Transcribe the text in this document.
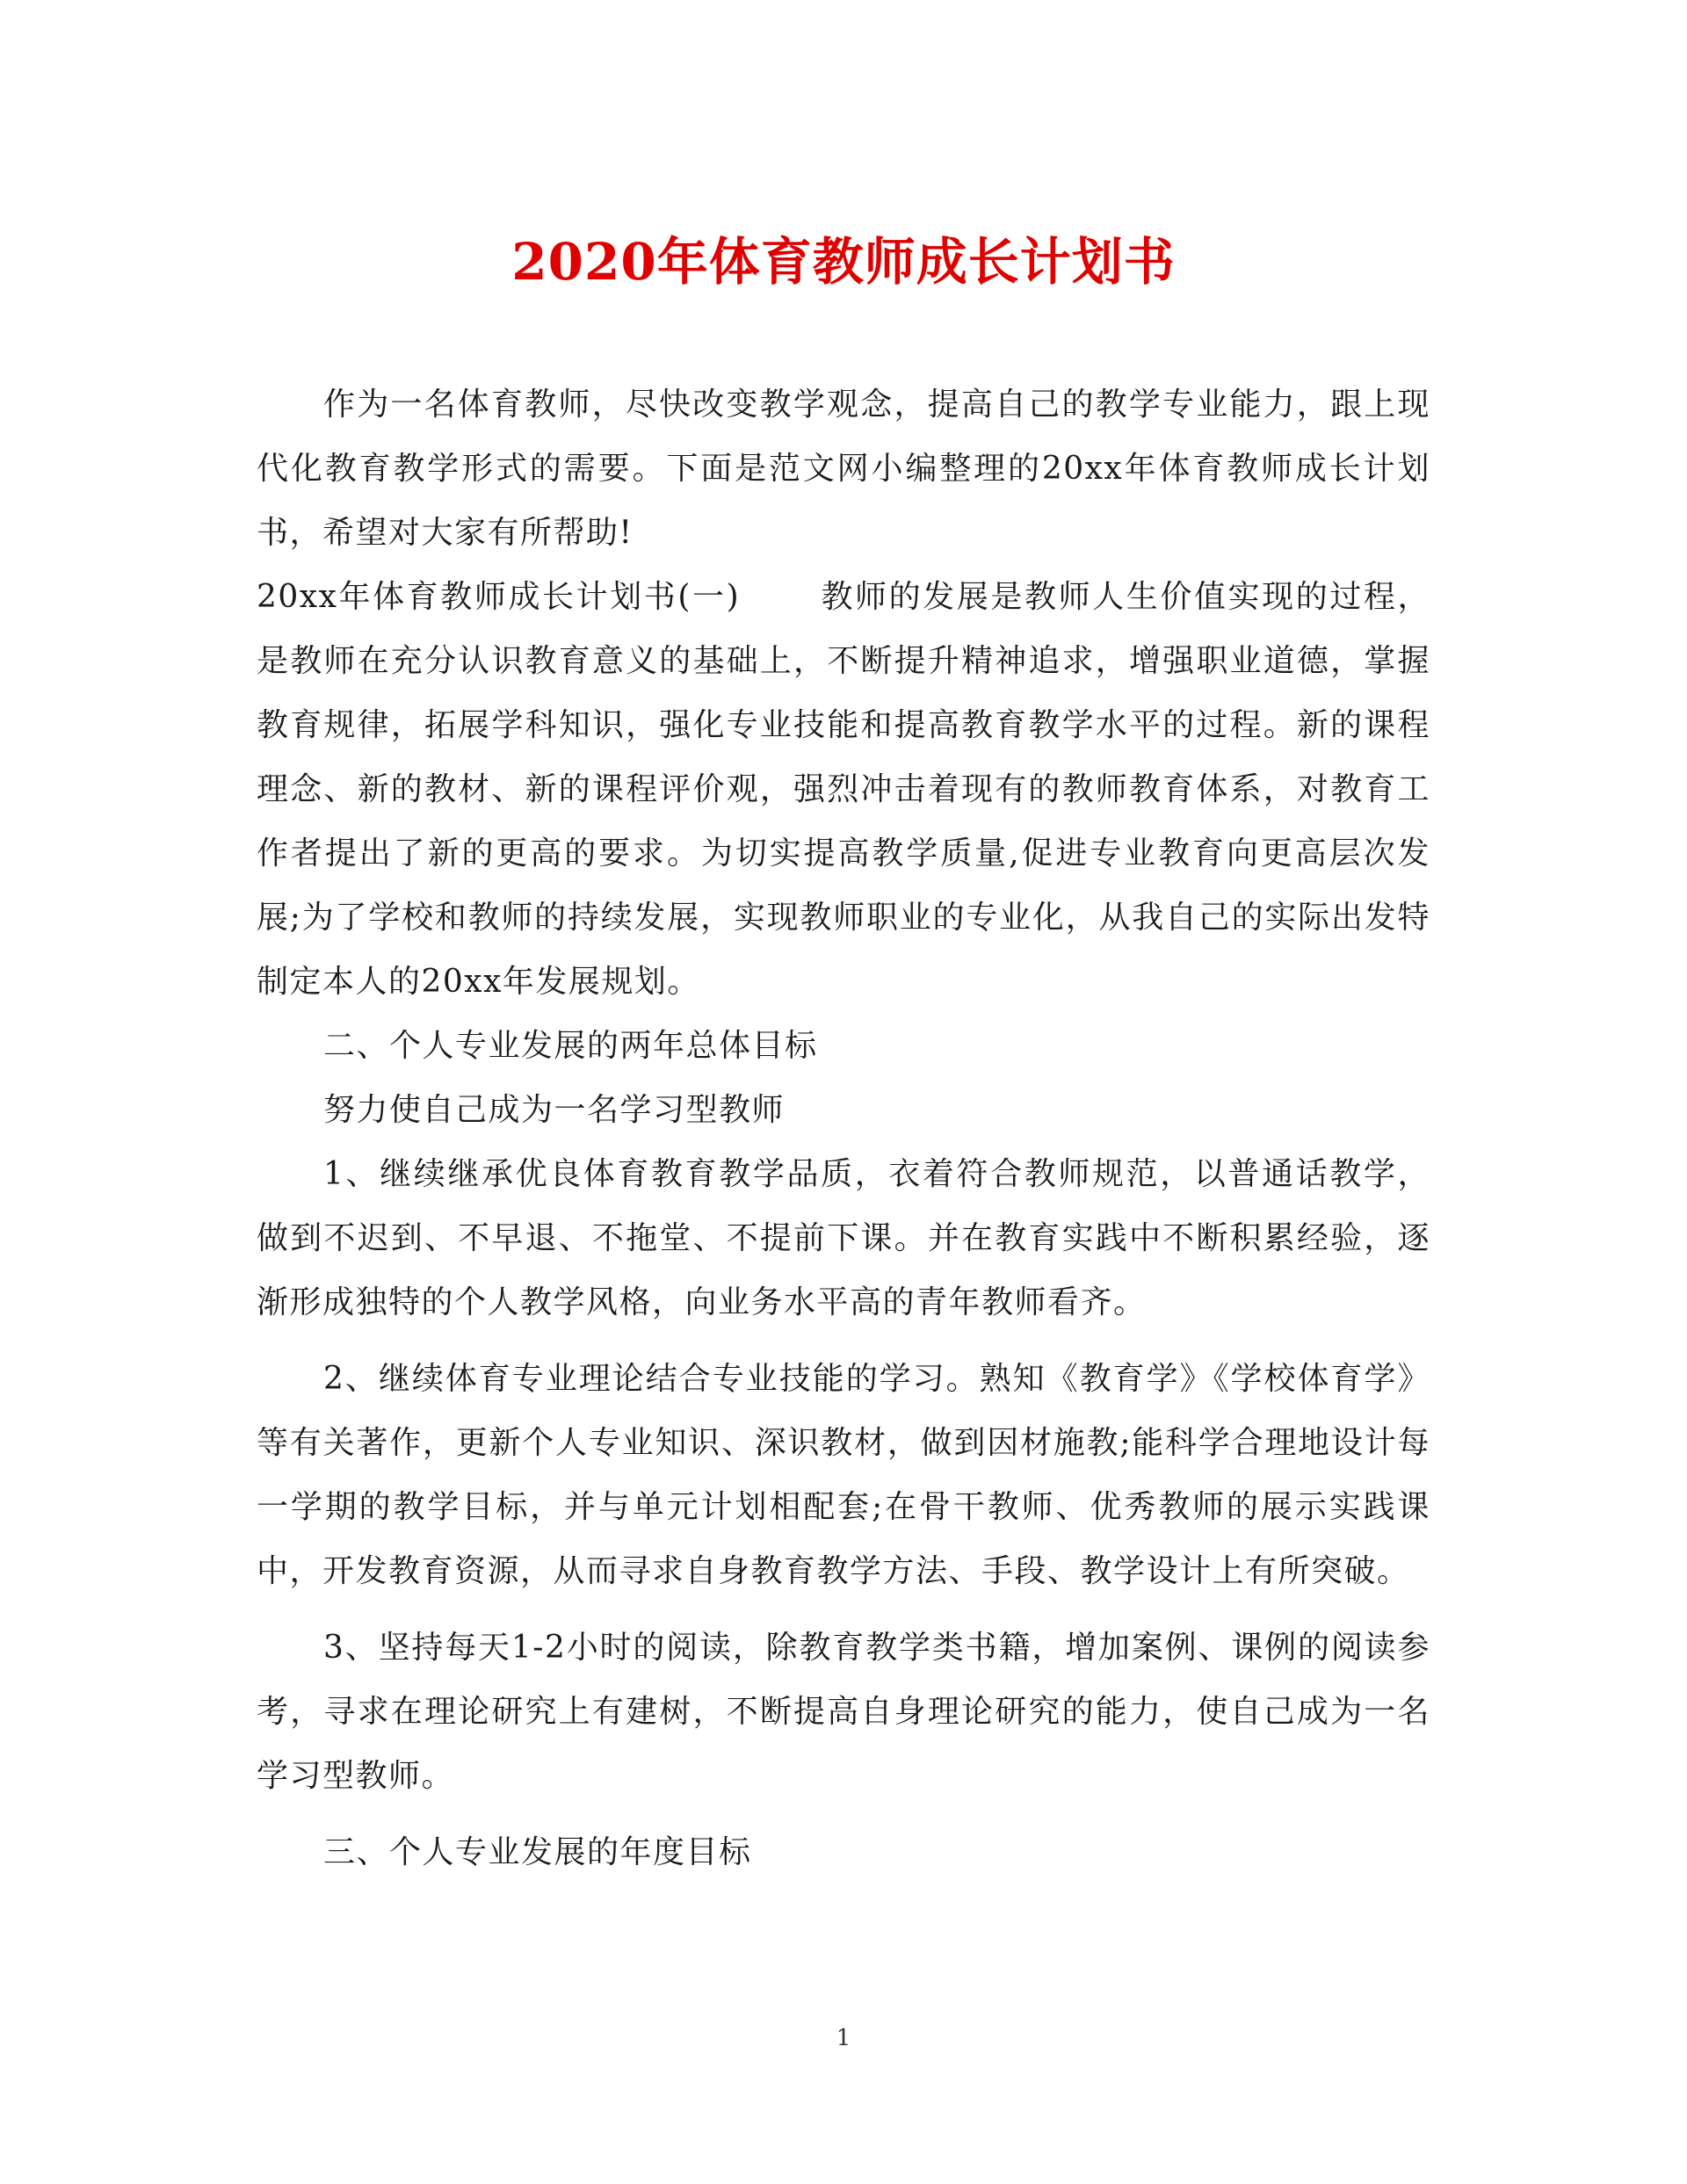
2020年体育教师成长计划书

作为一名体育教师，尽快改变教学观念，提高自己的教学专业能力，跟上现代化教育教学形式的需要。下面是范文网小编整理的20xx年体育教师成长计划书，希望对大家有所帮助!

20xx年体育教师成长计划书(一)　　 教师的发展是教师人生价值实现的过程，是教师在充分认识教育意义的基础上，不断提升精神追求，增强职业道德，掌握教育规律，拓展学科知识，强化专业技能和提高教育教学水平的过程。新的课程理念、新的教材、新的课程评价观，强烈冲击着现有的教师教育体系，对教育工作者提出了新的更高的要求。为切实提高教学质量,促进专业教育向更高层次发展;为了学校和教师的持续发展，实现教师职业的专业化，从我自己的实际出发特制定本人的20xx年发展规划。

二、个人专业发展的两年总体目标

努力使自己成为一名学习型教师

1、继续继承优良体育教育教学品质，衣着符合教师规范，以普通话教学，做到不迟到、不早退、不拖堂、不提前下课。并在教育实践中不断积累经验，逐渐形成独特的个人教学风格，向业务水平高的青年教师看齐。

2、继续体育专业理论结合专业技能的学习。熟知《教育学》《学校体育学》等有关著作，更新个人专业知识、深识教材，做到因材施教;能科学合理地设计每一学期的教学目标，并与单元计划相配套;在骨干教师、优秀教师的展示实践课中，开发教育资源，从而寻求自身教育教学方法、手段、教学设计上有所突破。

3、坚持每天1-2小时的阅读，除教育教学类书籍，增加案例、课例的阅读参考，寻求在理论研究上有建树，不断提高自身理论研究的能力，使自己成为一名学习型教师。

三、个人专业发展的年度目标

1
